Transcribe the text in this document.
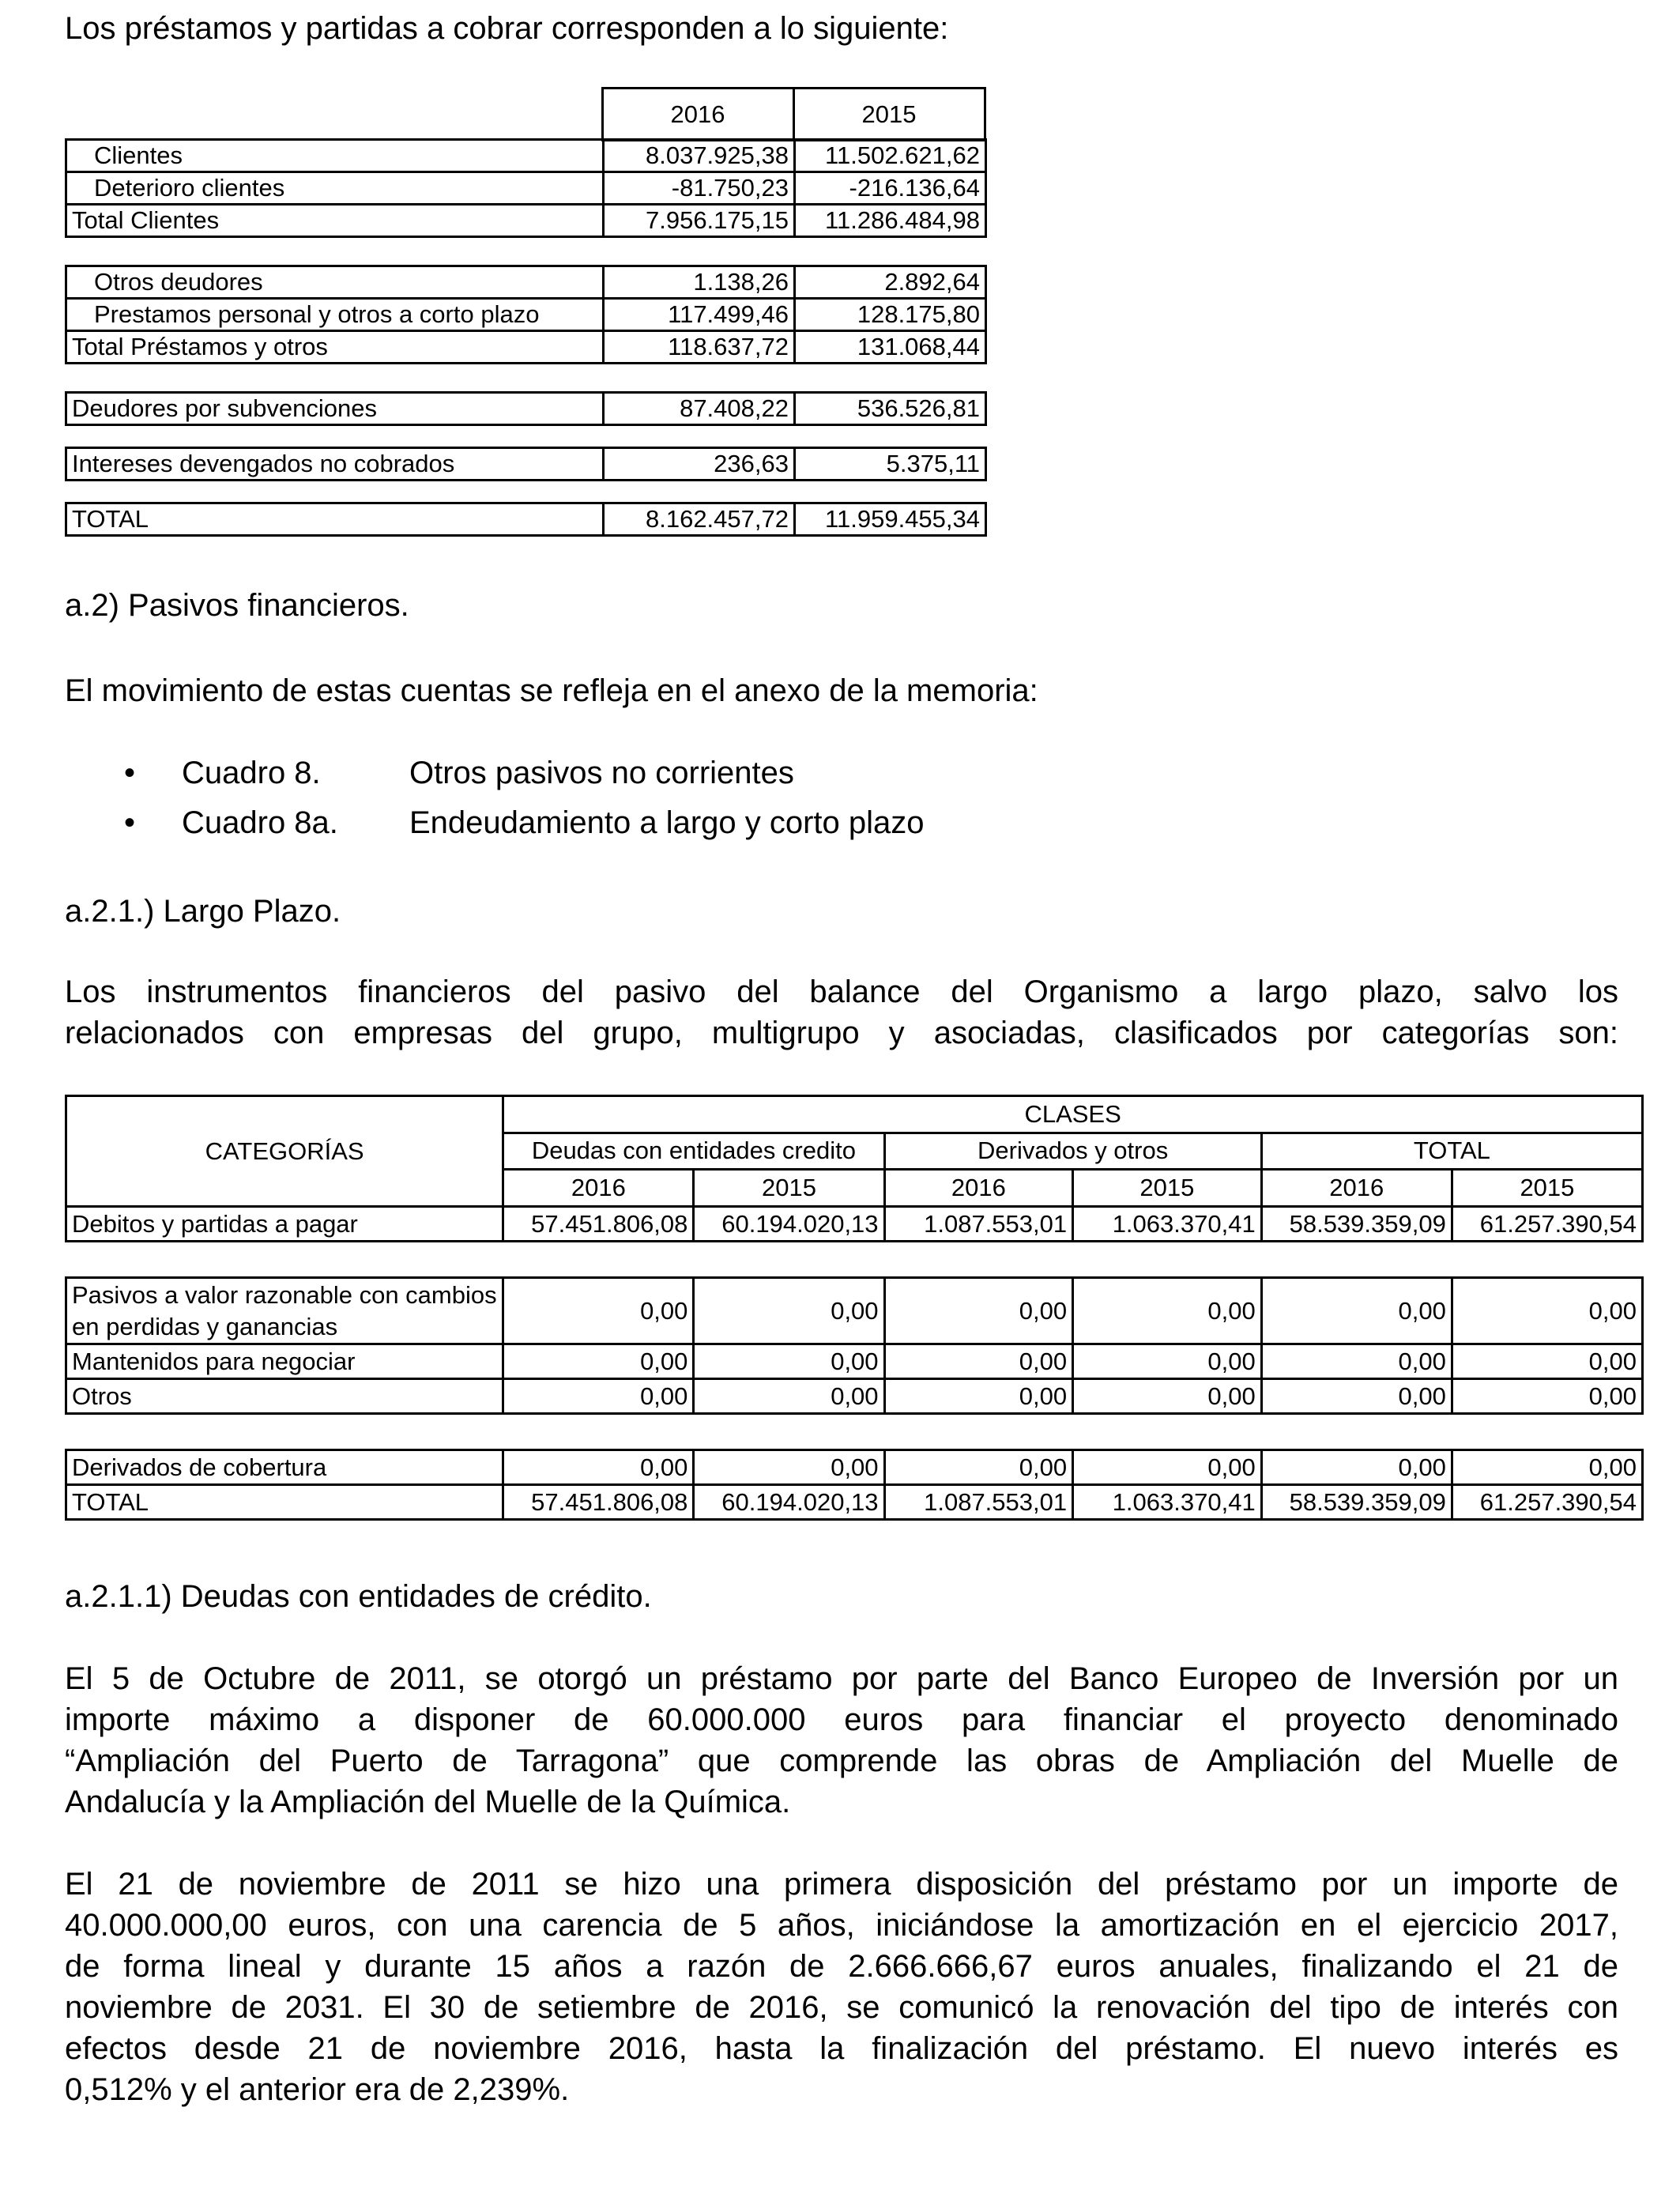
Los préstamos y partidas a cobrar corresponden a lo siguiente:

	2016	2015
Clientes	8.037.925,38	11.502.621,62
Deterioro clientes	-81.750,23	-216.136,64
Total Clientes	7.956.175,15	11.286.484,98
Otros deudores	1.138,26	2.892,64
Prestamos personal y otros a corto plazo	117.499,46	128.175,80
Total Préstamos y otros	118.637,72	131.068,44
Deudores por subvenciones	87.408,22	536.526,81
Intereses devengados no cobrados	236,63	5.375,11
TOTAL	8.162.457,72	11.959.455,34

a.2) Pasivos financieros.

El movimiento de estas cuentas se refleja en el anexo de la memoria:

• Cuadro 8.	Otros pasivos no corrientes
• Cuadro 8a. Endeudamiento a largo y corto plazo

a.2.1.) Largo Plazo.

Los instrumentos financieros del pasivo del balance del Organismo a largo plazo, salvo los

relacionados con empresas del grupo, multigrupo y asociadas, clasificados por categorías son:

CATEGORÍAS	CLASES					
	Deudas con entidades credito		Derivados y otros		TOTAL	
	2016	2015	2016	2015	2016	2015
Debitos y partidas a pagar	57.451.806,08	60.194.020,13	1.087.553,01	1.063.370,41	58.539.359,09	61.257.390,54

Pasivos a valor razonable con cambios
en perdidas y ganancias	0,00	0,00	0,00	0,00	0,00	0,00
Mantenidos para negociar	0,00	0,00	0,00	0,00	0,00	0,00
Otros	0,00	0,00	0,00	0,00	0,00	0,00

Derivados de cobertura	0,00	0,00	0,00	0,00	0,00	0,00
TOTAL	57.451.806,08	60.194.020,13	1.087.553,01	1.063.370,41	58.539.359,09	61.257.390,54

a.2.1.1) Deudas con entidades de crédito.

El 5 de Octubre de 2011, se otorgó un préstamo por parte del Banco Europeo de Inversión por un

importe máximo a disponer de 60.000.000 euros para financiar el proyecto denominado

“Ampliación del Puerto de Tarragona” que comprende las obras de Ampliación del Muelle de

Andalucía y la Ampliación del Muelle de la Química.

El 21 de noviembre de 2011 se hizo una primera disposición del préstamo por un importe de

40.000.000,00 euros, con una carencia de 5 años, iniciándose la amortización en el ejercicio 2017,

de forma lineal y durante 15 años a razón de 2.666.666,67 euros anuales, finalizando el 21 de

noviembre de 2031. El 30 de setiembre de 2016, se comunicó la renovación del tipo de interés con

efectos desde 21 de noviembre 2016, hasta la finalización del préstamo. El nuevo interés es

0,512% y el anterior era de 2,239%.
